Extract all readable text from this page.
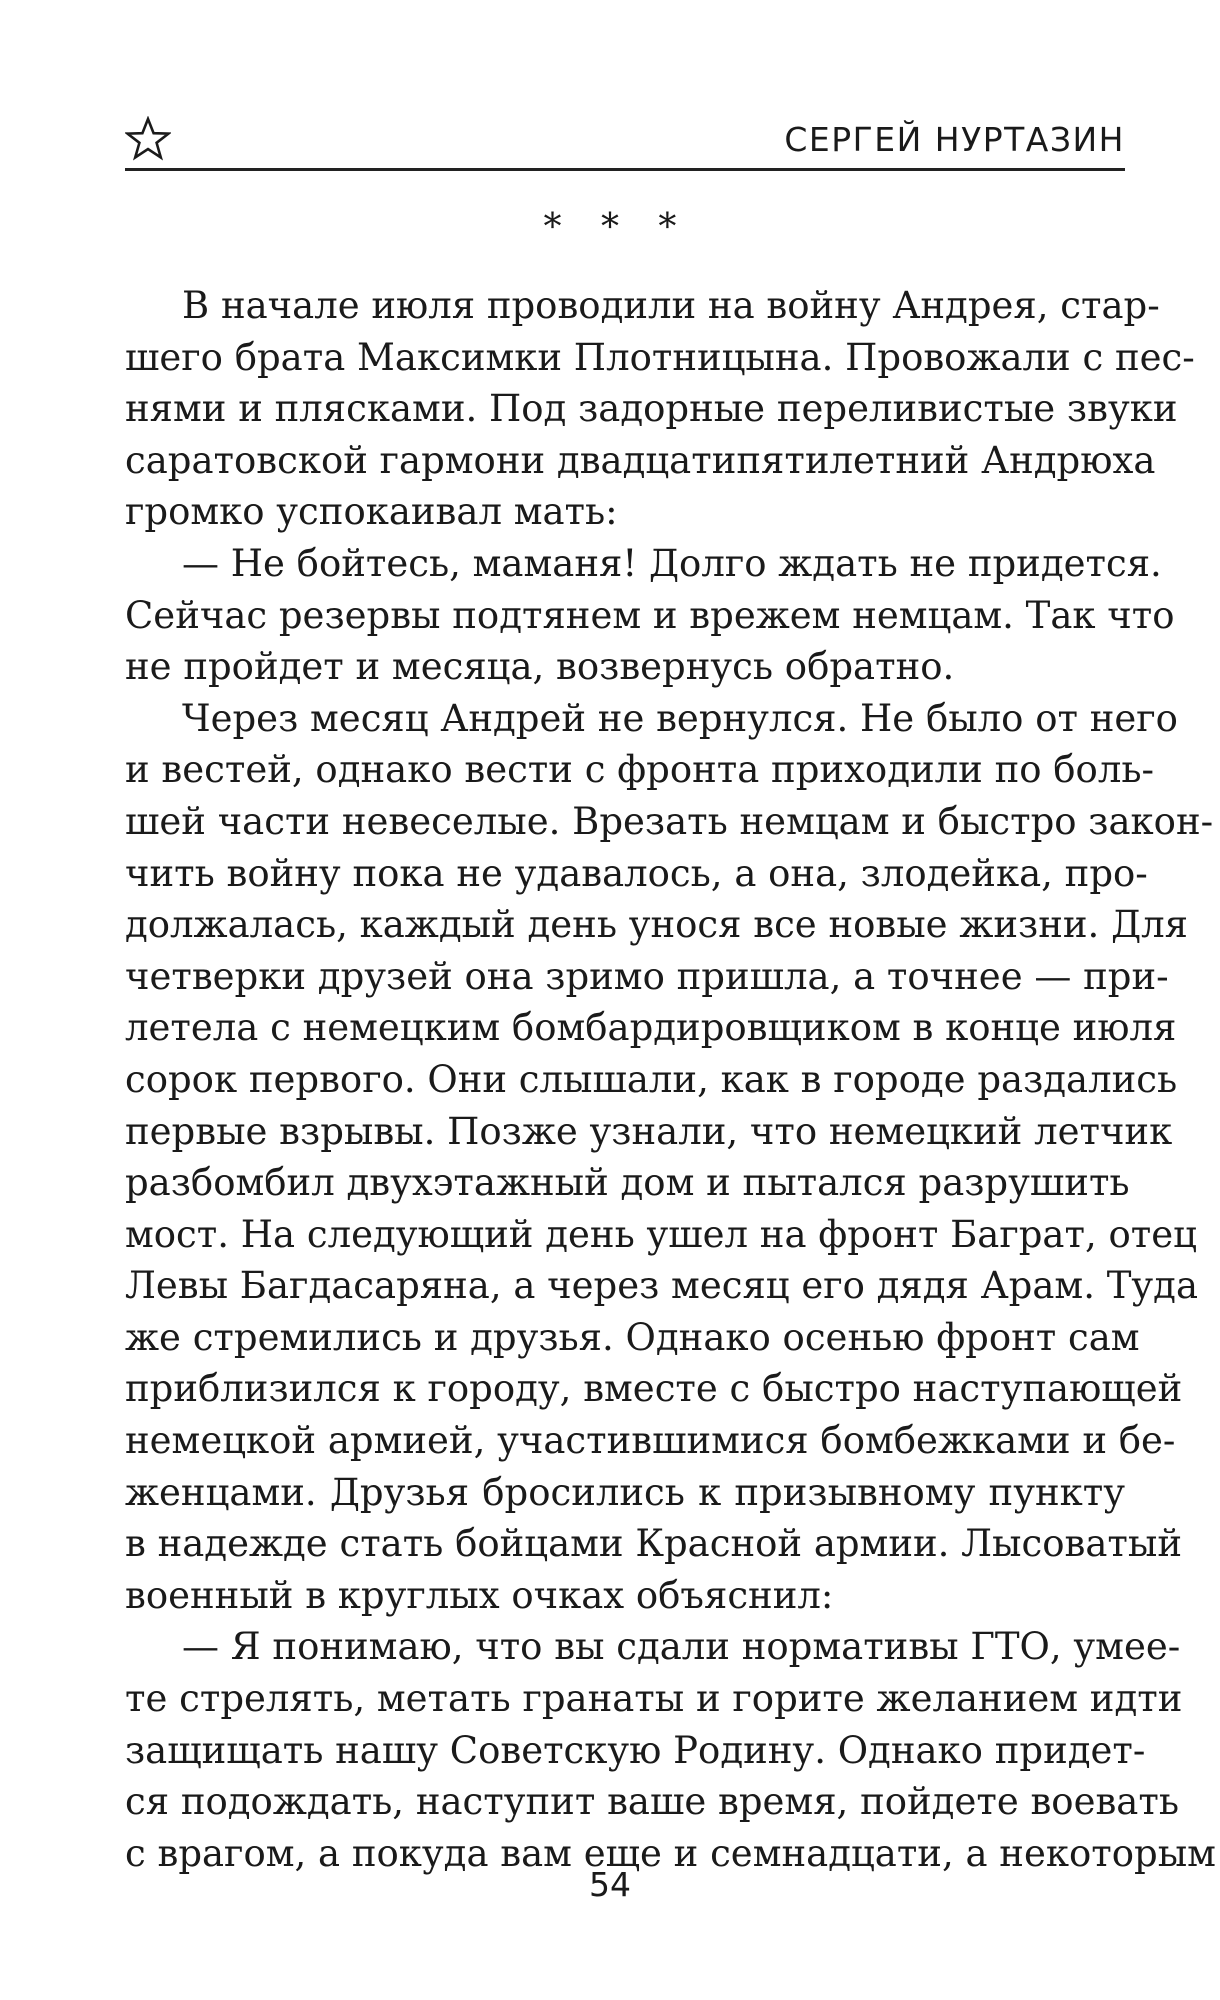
СЕРГЕЙ НУРТАЗИН
* * *
В начале июля проводили на войну Андрея, стар-
шего брата Максимки Плотницына. Провожали с пес-
нями и плясками. Под задорные переливистые звуки
саратовской гармони двадцатипятилетний Андрюха
громко успокаивал мать:
— Не бойтесь, маманя! Долго ждать не придется.
Сейчас резервы подтянем и врежем немцам. Так что
не пройдет и месяца, возвернусь обратно.
Через месяц Андрей не вернулся. Не было от него
и вестей, однако вести с фронта приходили по боль-
шей части невеселые. Врезать немцам и быстро закон-
чить войну пока не удавалось, а она, злодейка, про-
должалась, каждый день унося все новые жизни. Для
четверки друзей она зримо пришла, а точнее — при-
летела с немецким бомбардировщиком в конце июля
сорок первого. Они слышали, как в городе раздались
первые взрывы. Позже узнали, что немецкий летчик
разбомбил двухэтажный дом и пытался разрушить
мост. На следующий день ушел на фронт Баграт, отец
Левы Багдасаряна, а через месяц его дядя Арам. Туда
же стремились и друзья. Однако осенью фронт сам
приблизился к городу, вместе с быстро наступающей
немецкой армией, участившимися бомбежками и бе-
женцами. Друзья бросились к призывному пункту
в надежде стать бойцами Красной армии. Лысоватый
военный в круглых очках объяснил:
— Я понимаю, что вы сдали нормативы ГТО, умее-
те стрелять, метать гранаты и горите желанием идти
защищать нашу Советскую Родину. Однако придет-
ся подождать, наступит ваше время, пойдете воевать
с врагом, а покуда вам еще и семнадцати, а некоторым
54
